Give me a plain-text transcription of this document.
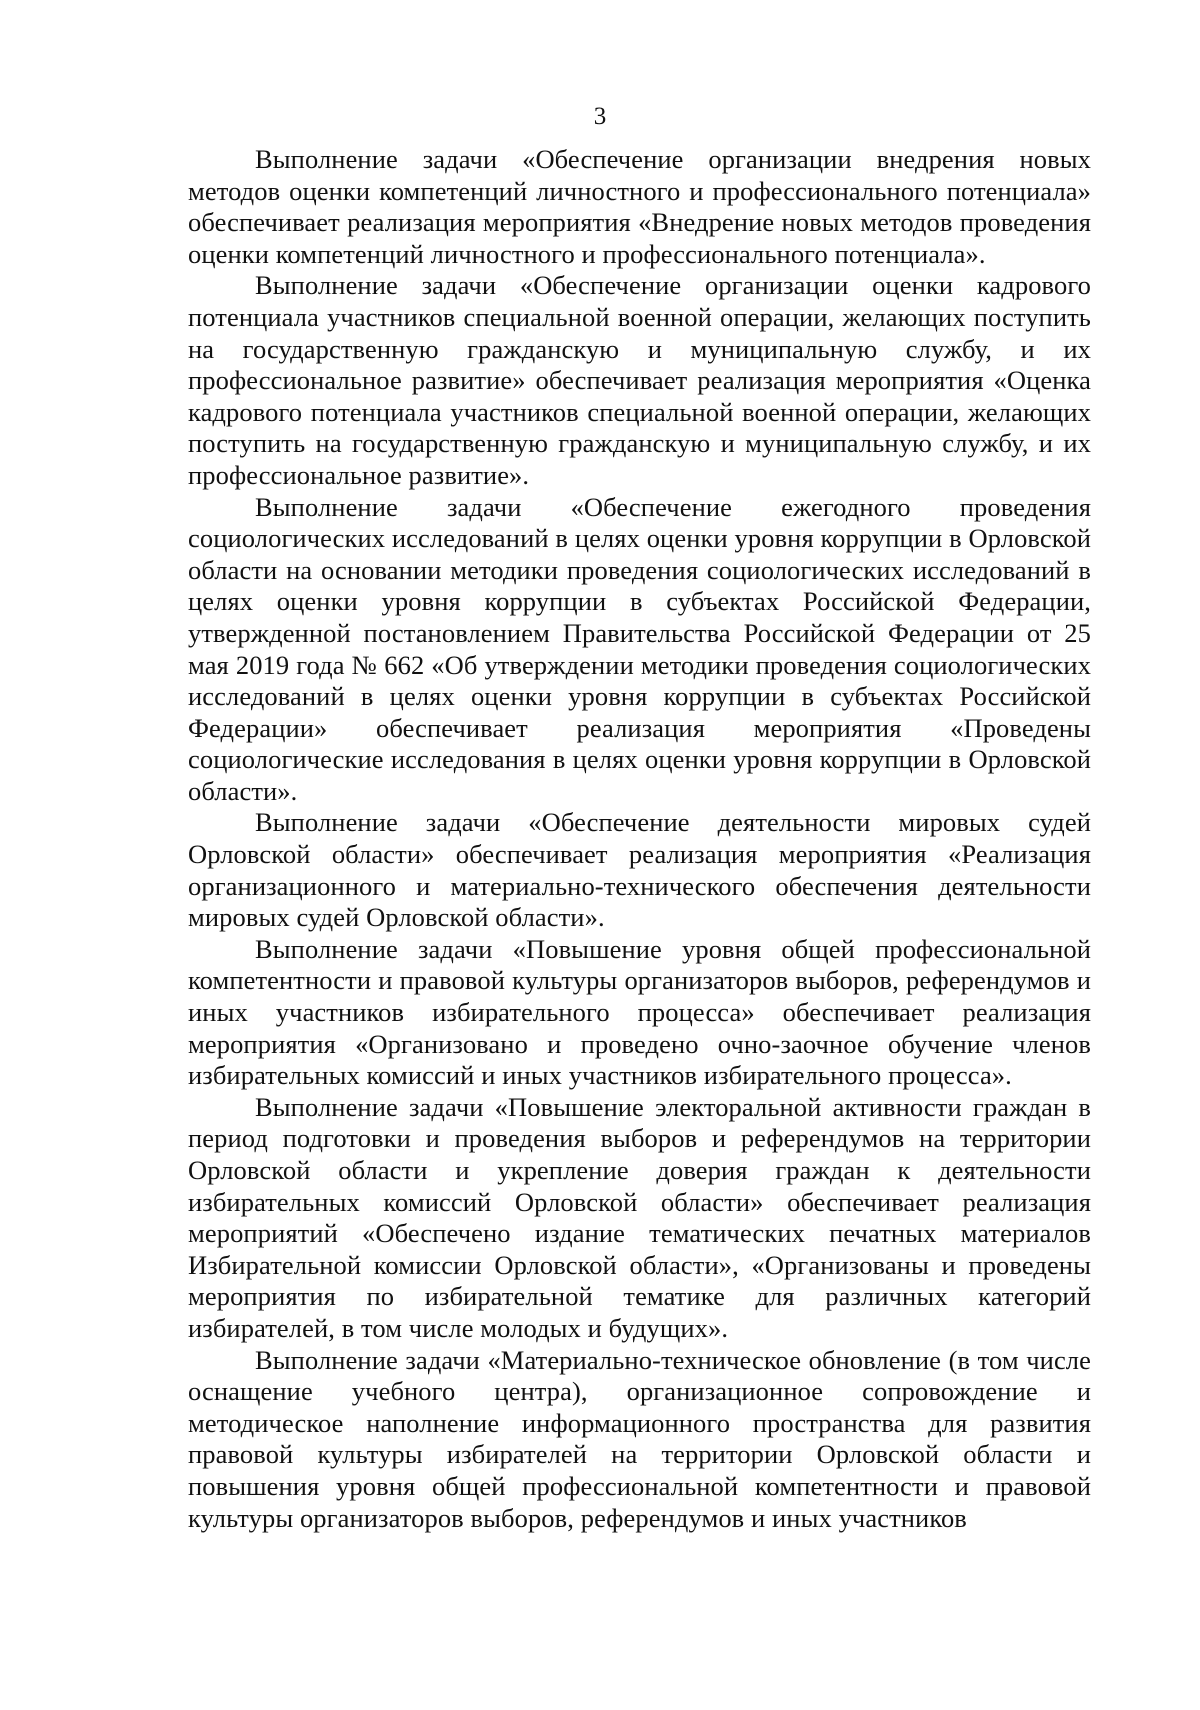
3

Выполнение задачи «Обеспечение организации внедрения новых методов оценки компетенций личностного и профессионального потенциала» обеспечивает реализация мероприятия «Внедрение новых методов проведения оценки компетенций личностного и профессионального потенциала».

Выполнение задачи «Обеспечение организации оценки кадрового потенциала участников специальной военной операции, желающих поступить на государственную гражданскую и муниципальную службу, и их профессиональное развитие» обеспечивает реализация мероприятия «Оценка кадрового потенциала участников специальной военной операции, желающих поступить на государственную гражданскую и муниципальную службу, и их профессиональное развитие».

Выполнение задачи «Обеспечение ежегодного проведения социологических исследований в целях оценки уровня коррупции в Орловской области на основании методики проведения социологических исследований в целях оценки уровня коррупции в субъектах Российской Федерации, утвержденной постановлением Правительства Российской Федерации от 25 мая 2019 года № 662 «Об утверждении методики проведения социологических исследований в целях оценки уровня коррупции в субъектах Российской Федерации» обеспечивает реализация мероприятия «Проведены социологические исследования в целях оценки уровня коррупции в Орловской области».

Выполнение задачи «Обеспечение деятельности мировых судей Орловской области» обеспечивает реализация мероприятия «Реализация организационного и материально-технического обеспечения деятельности мировых судей Орловской области».

Выполнение задачи «Повышение уровня общей профессиональной компетентности и правовой культуры организаторов выборов, референдумов и иных участников избирательного процесса» обеспечивает реализация мероприятия «Организовано и проведено очно-заочное обучение членов избирательных комиссий и иных участников избирательного процесса».

Выполнение задачи «Повышение электоральной активности граждан в период подготовки и проведения выборов и референдумов на территории Орловской области и укрепление доверия граждан к деятельности избирательных комиссий Орловской области» обеспечивает реализация мероприятий «Обеспечено издание тематических печатных материалов Избирательной комиссии Орловской области», «Организованы и проведены мероприятия по избирательной тематике для различных категорий избирателей, в том числе молодых и будущих».

Выполнение задачи «Материально-техническое обновление (в том числе оснащение учебного центра), организационное сопровождение и методическое наполнение информационного пространства для развития правовой культуры избирателей на территории Орловской области и повышения уровня общей профессиональной компетентности и правовой культуры организаторов выборов, референдумов и иных участников
